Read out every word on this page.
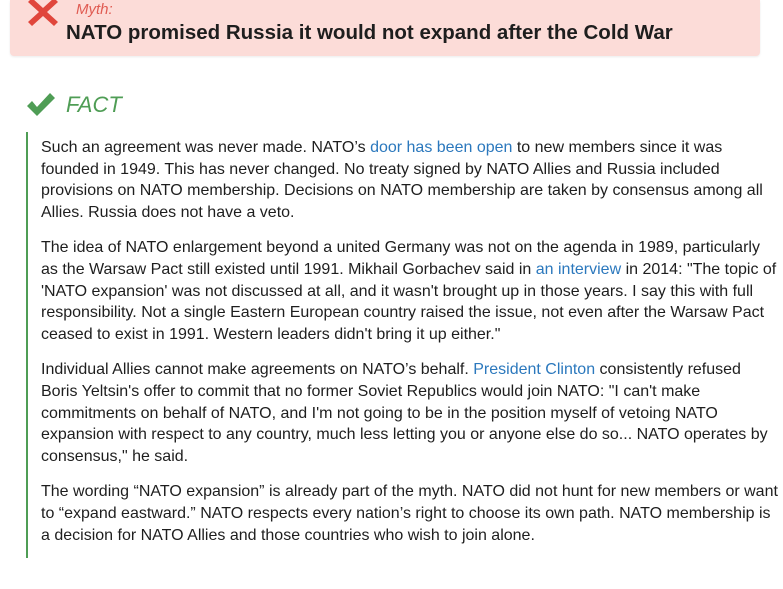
Myth:
NATO promised Russia it would not expand after the Cold War
FACT

Such an agreement was never made. NATO’s door has been open to new members since it was founded in 1949. This has never changed. No treaty signed by NATO Allies and Russia included provisions on NATO membership. Decisions on NATO membership are taken by consensus among all Allies. Russia does not have a veto.

The idea of NATO enlargement beyond a united Germany was not on the agenda in 1989, particularly as the Warsaw Pact still existed until 1991. Mikhail Gorbachev said in an interview in 2014: "The topic of 'NATO expansion' was not discussed at all, and it wasn't brought up in those years. I say this with full responsibility. Not a single Eastern European country raised the issue, not even after the Warsaw Pact ceased to exist in 1991. Western leaders didn't bring it up either."

Individual Allies cannot make agreements on NATO’s behalf. President Clinton consistently refused Boris Yeltsin's offer to commit that no former Soviet Republics would join NATO: "I can't make commitments on behalf of NATO, and I'm not going to be in the position myself of vetoing NATO expansion with respect to any country, much less letting you or anyone else do so... NATO operates by consensus," he said.

The wording “NATO expansion” is already part of the myth. NATO did not hunt for new members or want to “expand eastward.” NATO respects every nation’s right to choose its own path. NATO membership is a decision for NATO Allies and those countries who wish to join alone.
